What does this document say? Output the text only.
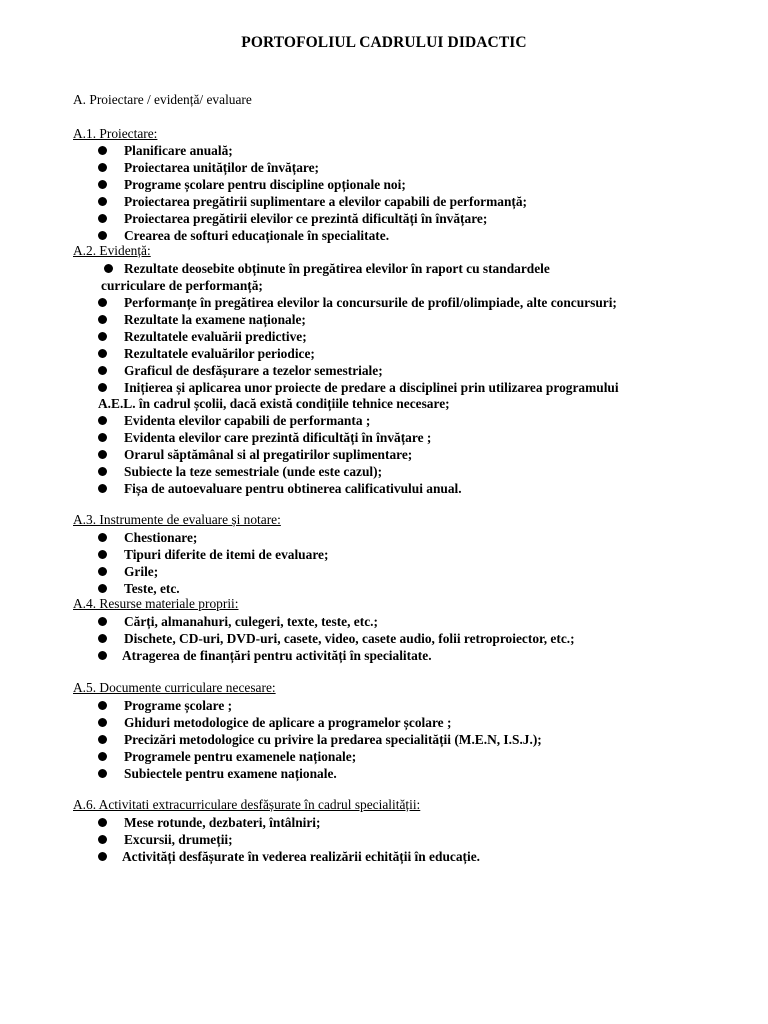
PORTOFOLIUL CADRULUI DIDACTIC
A. Proiectare / evidență/ evaluare
A.1. Proiectare:
Planificare anuală;
Proiectarea unităților de învățare;
Programe școlare pentru discipline opționale noi;
Proiectarea pregătirii suplimentare a elevilor capabili de performanță;
Proiectarea pregătirii elevilor ce prezintă dificultăți în învățare;
Crearea de softuri educaționale în specialitate.
A.2. Evidență:
Rezultate deosebite obținute în pregătirea elevilor în raport cu standardele
curriculare de performanță;
Performanțe în pregătirea elevilor la concursurile de profil/olimpiade, alte concursuri;
Rezultate la examene naționale;
Rezultatele evaluării predictive;
Rezultatele evaluărilor periodice;
Graficul de desfășurare a tezelor semestriale;
Inițierea și aplicarea unor proiecte de predare a disciplinei prin utilizarea programului
A.E.L. în cadrul școlii, dacă există condițiile tehnice necesare;
Evidenta elevilor capabili de performanta ;
Evidenta elevilor care prezintă dificultăți în învățare ;
Orarul săptămânal si al pregatirilor suplimentare;
Subiecte la teze semestriale (unde este cazul);
Fișa de autoevaluare pentru obtinerea calificativului anual.
A.3. Instrumente de evaluare și notare:
Chestionare;
Tipuri diferite de itemi de evaluare;
Grile;
Teste, etc.
A.4. Resurse materiale proprii:
Cărți, almanahuri, culegeri, texte, teste, etc.;
Dischete, CD-uri, DVD-uri, casete, video, casete audio, folii retroproiector, etc.;
Atragerea de finanțări pentru activități în specialitate.
A.5. Documente curriculare necesare:
Programe școlare ;
Ghiduri metodologice de aplicare a programelor școlare ;
Precizări metodologice cu privire la predarea specialității (M.E.N, I.S.J.);
Programele pentru examenele naționale;
Subiectele pentru examene naționale.
A.6. Activitati extracurriculare desfășurate în cadrul specialității:
Mese rotunde, dezbateri, întâlniri;
Excursii, drumeții;
Activități desfășurate în vederea realizării echității în educație.
